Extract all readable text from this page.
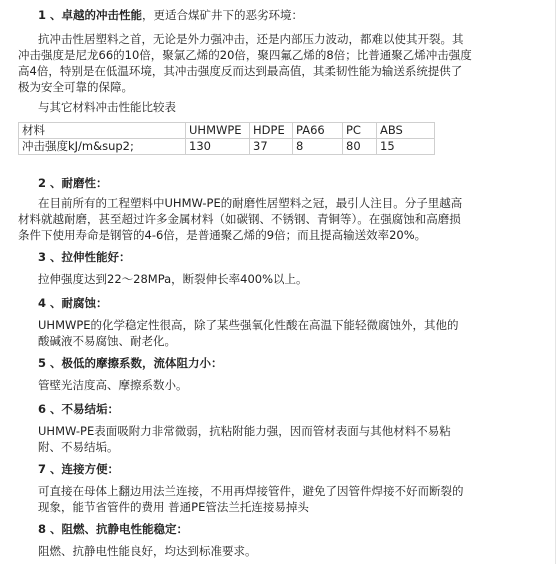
1 、卓越的冲击性能，更适合煤矿井下的恶劣环境：
抗冲击性居塑料之首，无论是外力强冲击，还是内部压力波动，都难以使其开裂。其
冲击强度是尼龙66的10倍，聚氯乙烯的20倍，聚四氟乙烯的8倍；比普通聚乙烯冲击强度
高4倍，特别是在低温环境，其冲击强度反而达到最高值，其柔韧性能为输送系统提供了
极为安全可靠的保障。
与其它材料冲击性能比较表
材料	UHMWPE	HDPE	PA66	PC	ABS
冲击强度kJ/m&sup2;	130	37	8	80	15
2 、耐磨性：
在目前所有的工程塑料中UHMW-PE的耐磨性居塑料之冠，最引人注目。分子里越高
材料就越耐磨，甚至超过许多金属材料（如碳钢、不锈钢、青铜等）。在强腐蚀和高磨损
条件下使用寿命是钢管的4-6倍，是普通聚乙烯的9倍；而且提高输送效率20%。
3 、拉伸性能好：
拉伸强度达到22～28MPa，断裂伸长率400%以上。
4 、耐腐蚀：
UHMWPE的化学稳定性很高，除了某些强氧化性酸在高温下能轻微腐蚀外，其他的
酸碱液不易腐蚀、耐老化。
5 、极低的摩擦系数，流体阻力小：
管壁光洁度高、摩擦系数小。
6 、不易结垢：
UHMW-PE表面吸附力非常微弱，抗粘附能力强，因而管材表面与其他材料不易粘
附、不易结垢。
7 、连接方便：
可直接在母体上翻边用法兰连接，不用再焊接管件，避免了因管件焊接不好而断裂的
现象，能节省管件的费用 普通PE管法兰托连接易掉头
8 、阻燃、抗静电性能稳定：
阻燃、抗静电性能良好，均达到标准要求。
